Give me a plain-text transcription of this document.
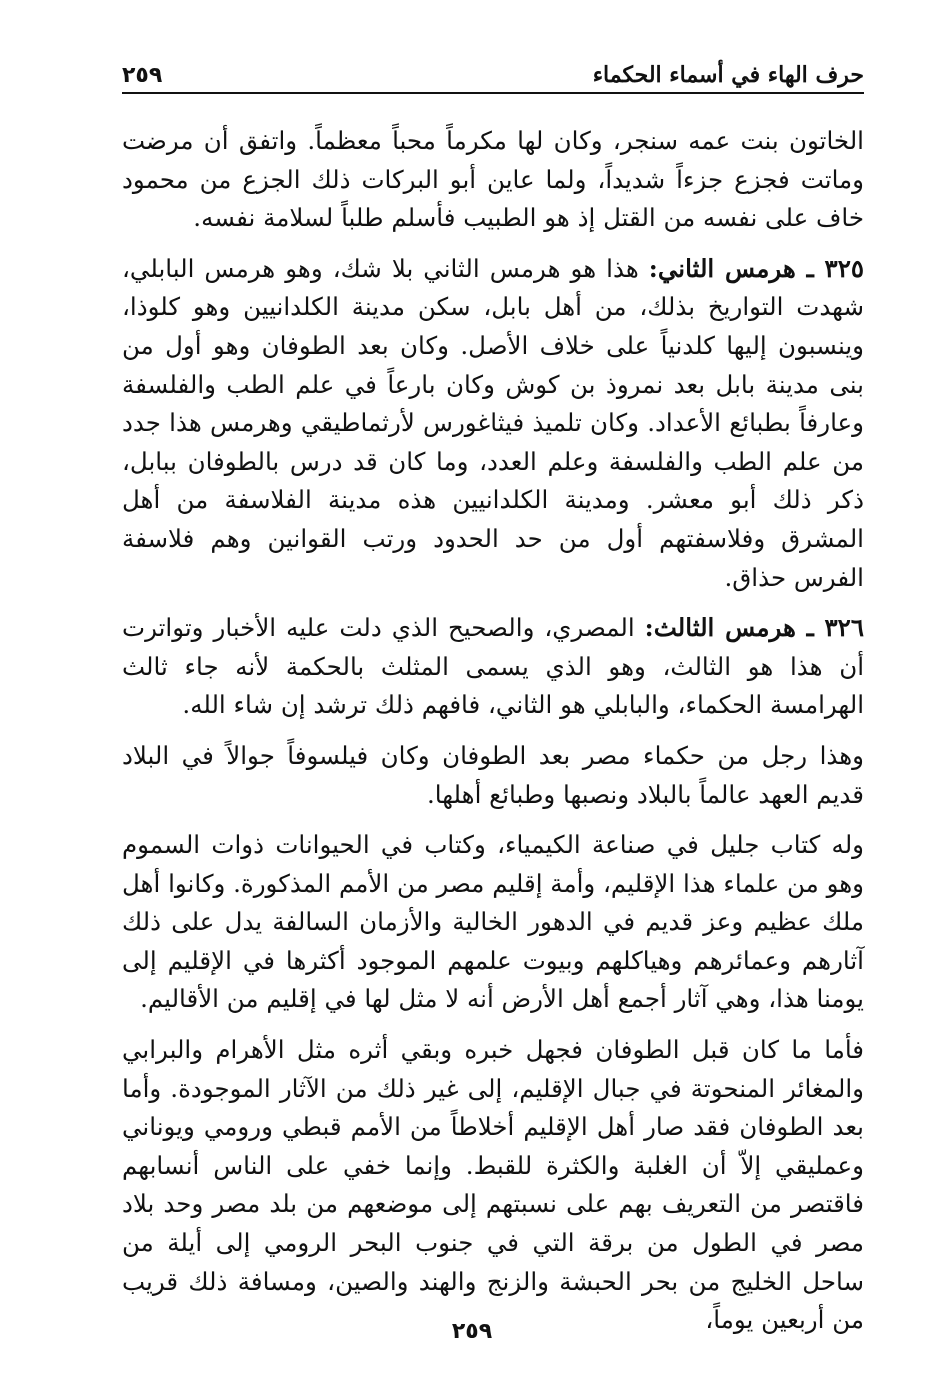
حرف الهاء في أسماء الحكماء
٢٥٩

الخاتون بنت عمه سنجر، وكان لها مكرماً محباً معظماً. واتفق أن مرضت وماتت فجزع جزءاً شديداً، ولما عاين أبو البركات ذلك الجزع من محمود خاف على نفسه من القتل إذ هو الطبيب فأسلم طلباً لسلامة نفسه.

٣٢٥ ـ هرمس الثاني: هذا هو هرمس الثاني بلا شك، وهو هرمس البابلي، شهدت التواريخ بذلك، من أهل بابل، سكن مدينة الكلدانيين وهو كلوذا، وينسبون إليها كلدنياً على خلاف الأصل. وكان بعد الطوفان وهو أول من بنى مدينة بابل بعد نمروذ بن كوش وكان بارعاً في علم الطب والفلسفة وعارفاً بطبائع الأعداد. وكان تلميذ فيثاغورس لأرثماطيقي وهرمس هذا جدد من علم الطب والفلسفة وعلم العدد، وما كان قد درس بالطوفان ببابل، ذكر ذلك أبو معشر. ومدينة الكلدانيين هذه مدينة الفلاسفة من أهل المشرق وفلاسفتهم أول من حد الحدود ورتب القوانين وهم فلاسفة الفرس حذاق.

٣٢٦ ـ هرمس الثالث: المصري، والصحيح الذي دلت عليه الأخبار وتواترت أن هذا هو الثالث، وهو الذي يسمى المثلث بالحكمة لأنه جاء ثالث الهرامسة الحكماء، والبابلي هو الثاني، فافهم ذلك ترشد إن شاء الله.

وهذا رجل من حكماء مصر بعد الطوفان وكان فيلسوفاً جوالاً في البلاد قديم العهد عالماً بالبلاد ونصبها وطبائع أهلها.

وله كتاب جليل في صناعة الكيمياء، وكتاب في الحيوانات ذوات السموم وهو من علماء هذا الإقليم، وأمة إقليم مصر من الأمم المذكورة. وكانوا أهل ملك عظيم وعز قديم في الدهور الخالية والأزمان السالفة يدل على ذلك آثارهم وعمائرهم وهياكلهم وبيوت علمهم الموجود أكثرها في الإقليم إلى يومنا هذا، وهي آثار أجمع أهل الأرض أنه لا مثل لها في إقليم من الأقاليم.

فأما ما كان قبل الطوفان فجهل خبره وبقي أثره مثل الأهرام والبرابي والمغائر المنحوتة في جبال الإقليم، إلى غير ذلك من الآثار الموجودة. وأما بعد الطوفان فقد صار أهل الإقليم أخلاطاً من الأمم قبطي ورومي ويوناني وعمليقي إلاّ أن الغلبة والكثرة للقبط. وإنما خفي على الناس أنسابهم فاقتصر من التعريف بهم على نسبتهم إلى موضعهم من بلد مصر وحد بلاد مصر في الطول من برقة التي في جنوب البحر الرومي إلى أيلة من ساحل الخليج من بحر الحبشة والزنج والهند والصين، ومسافة ذلك قريب من أربعين يوماً،

٢٥٩
